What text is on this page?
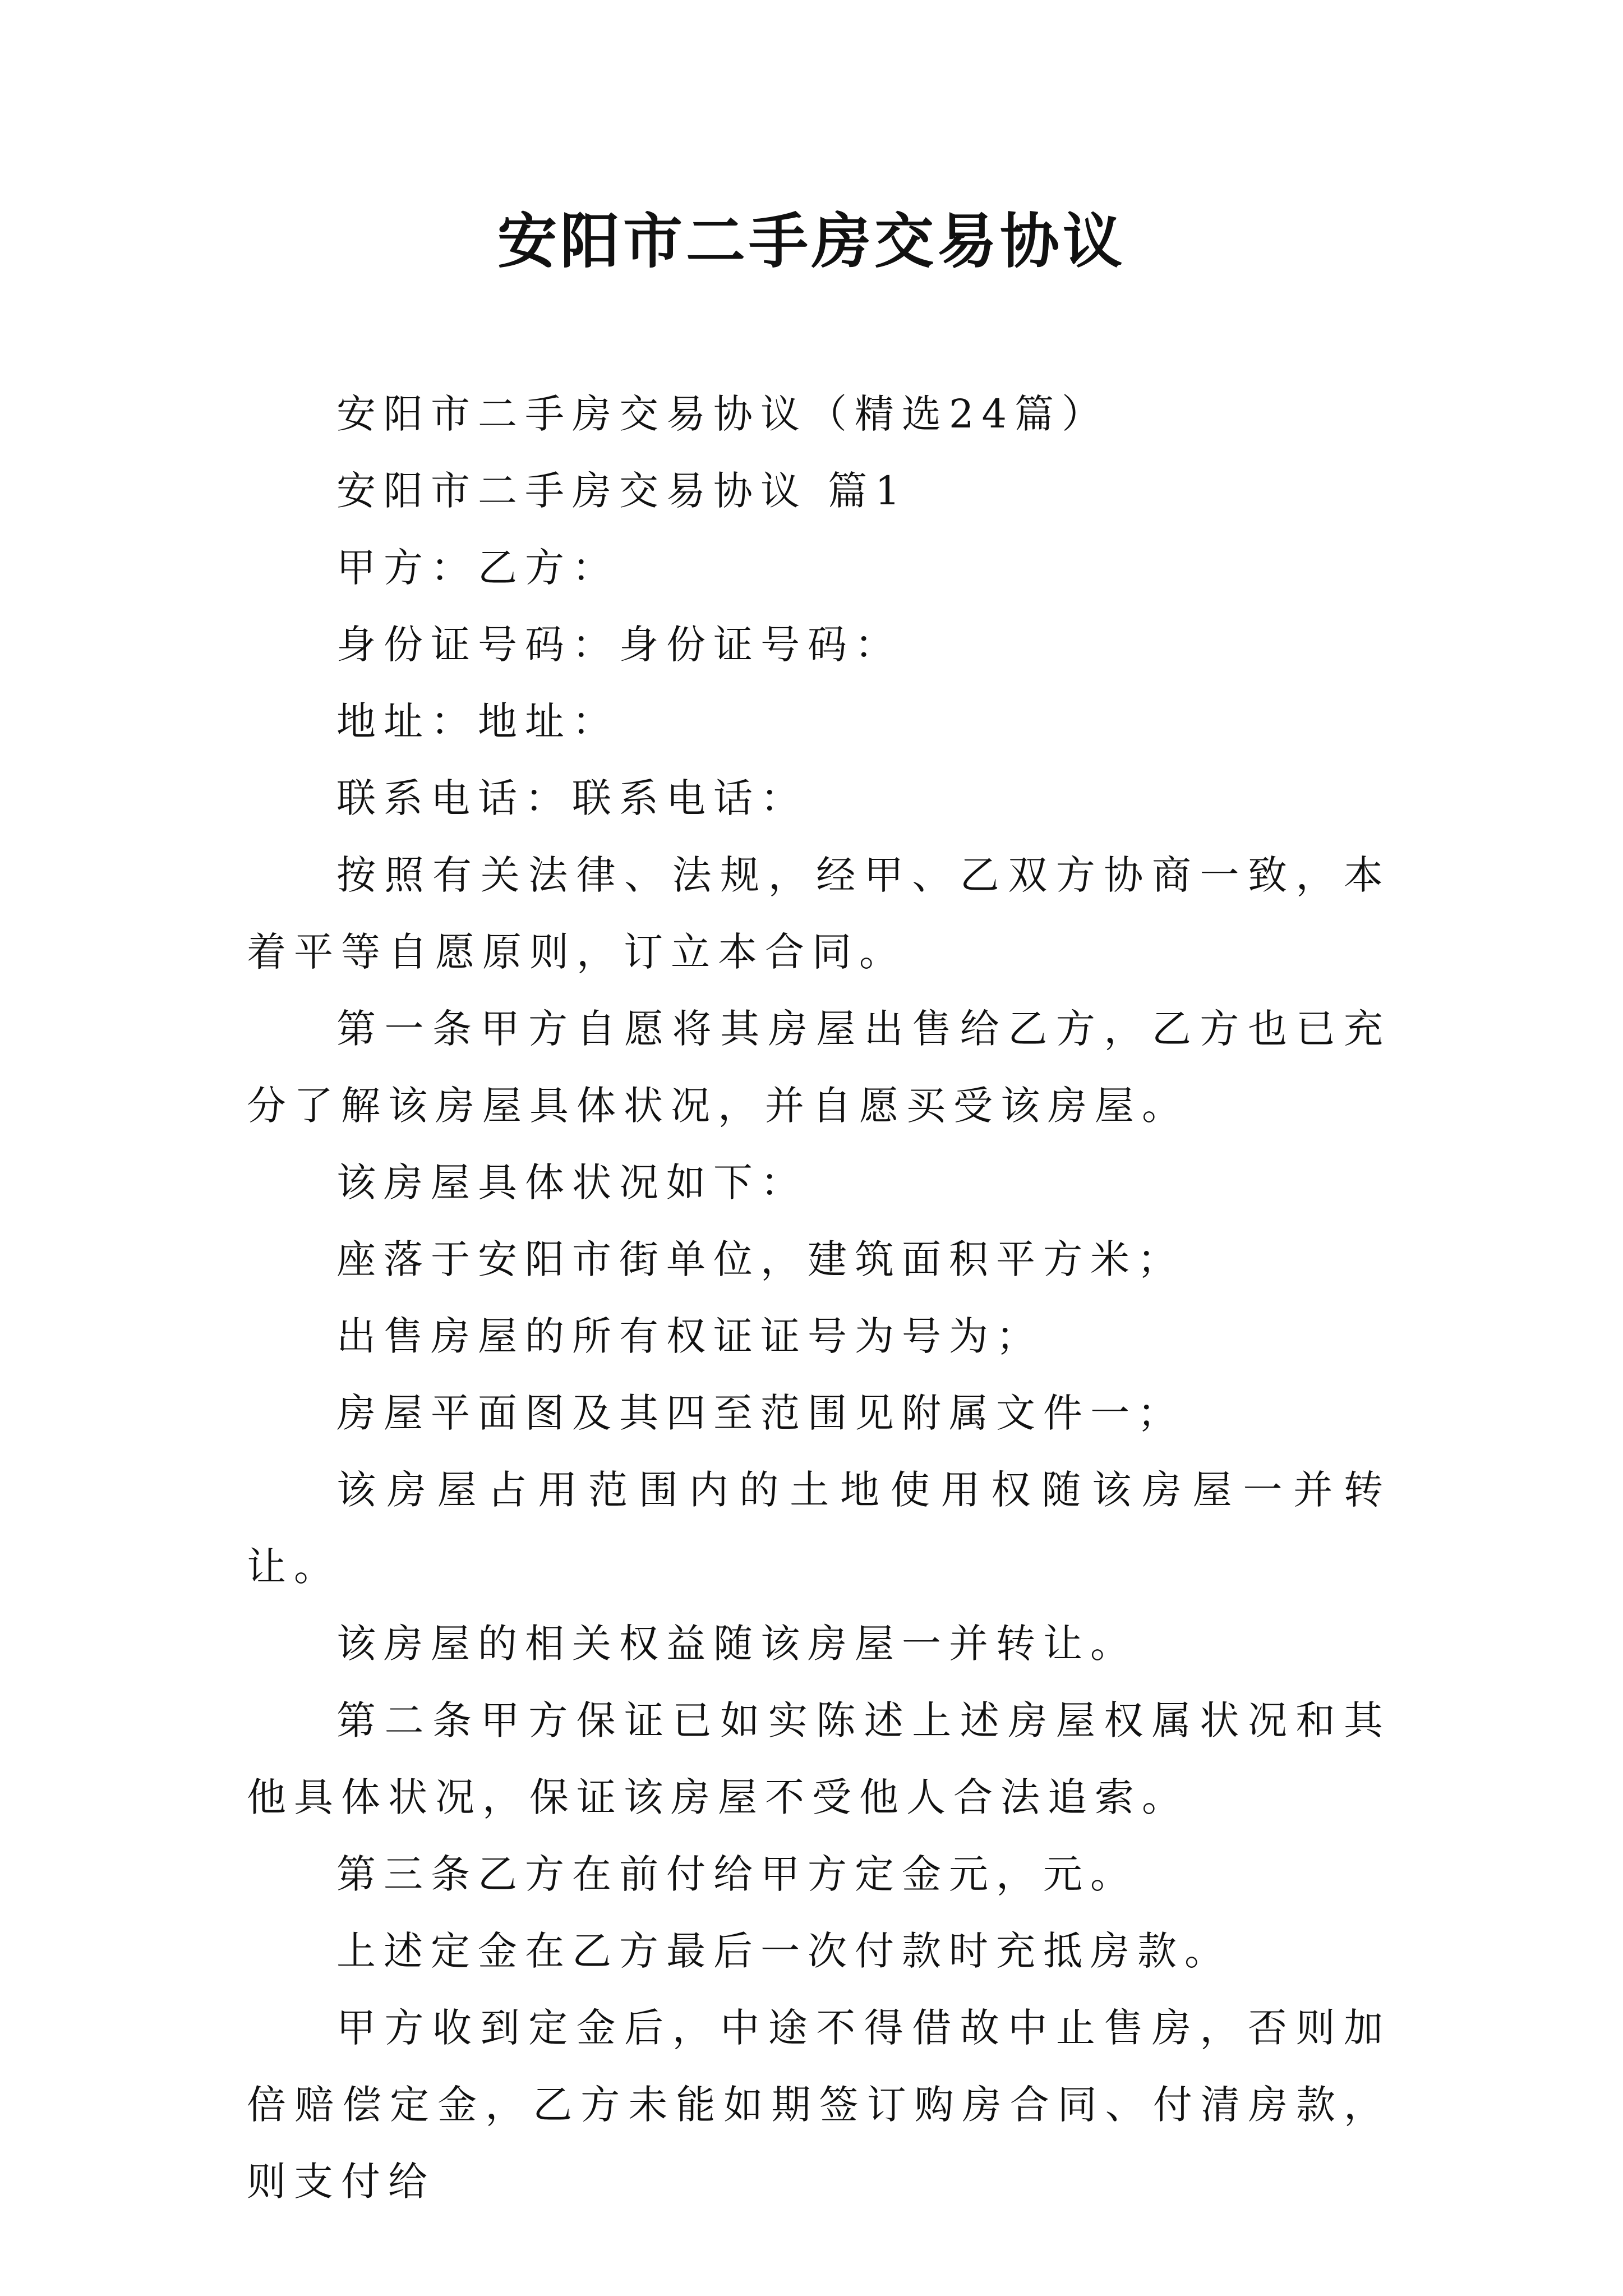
安阳市二手房交易协议

安阳市二手房交易协议（精选24篇）

安阳市二手房交易协议 篇1

甲方：乙方：

身份证号码：身份证号码：

地址：地址：

联系电话：联系电话：

按照有关法律、法规，经甲、乙双方协商一致，本着平等自愿原则，订立本合同。

第一条甲方自愿将其房屋出售给乙方，乙方也已充分了解该房屋具体状况，并自愿买受该房屋。

该房屋具体状况如下：

座落于安阳市街单位，建筑面积平方米；

出售房屋的所有权证证号为号为；

房屋平面图及其四至范围见附属文件一；

该房屋占用范围内的土地使用权随该房屋一并转让。

该房屋的相关权益随该房屋一并转让。

第二条甲方保证已如实陈述上述房屋权属状况和其他具体状况，保证该房屋不受他人合法追索。

第三条乙方在前付给甲方定金元，元。

上述定金在乙方最后一次付款时充抵房款。

甲方收到定金后，中途不得借故中止售房，否则加倍赔偿定金，乙方未能如期签订购房合同、付清房款，则支付给
